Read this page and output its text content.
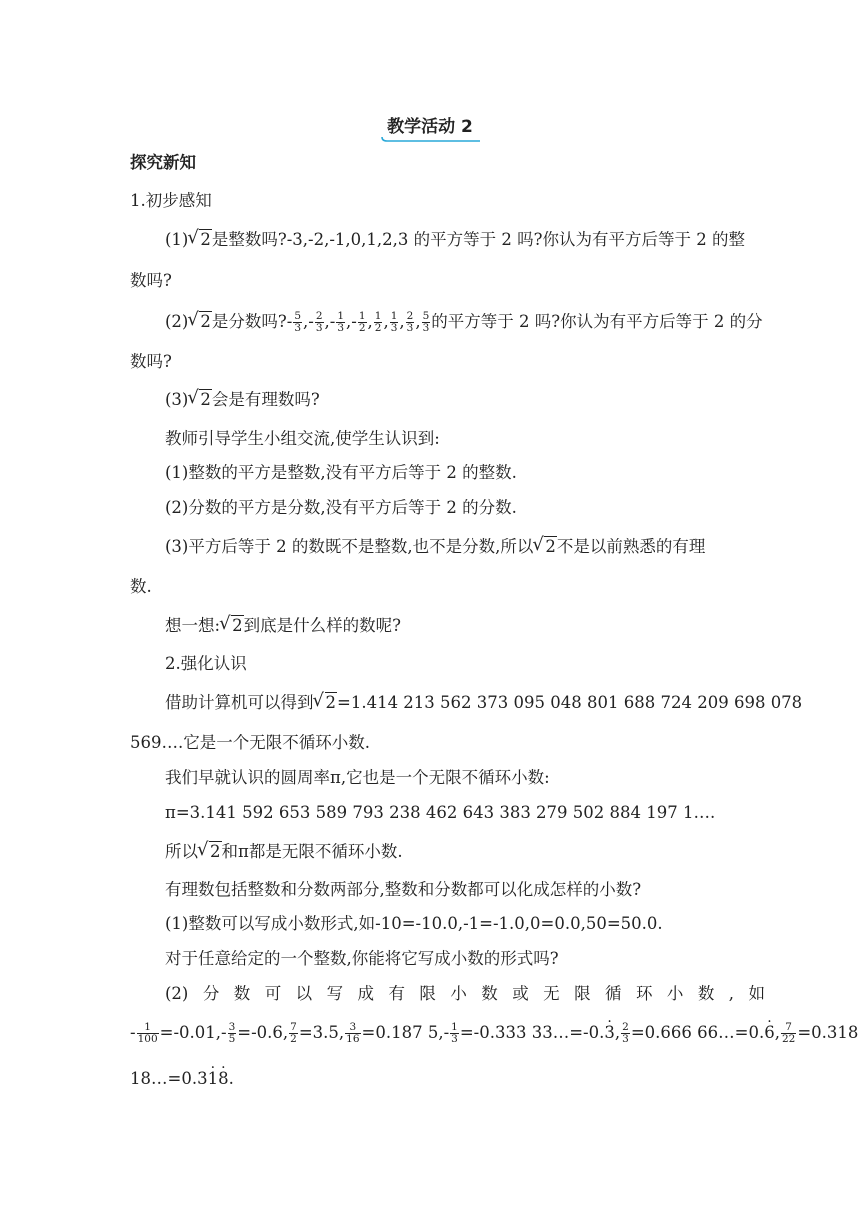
教学活动 2
探究新知
1.初步感知
(1) √ 2是整数吗?-3,-2,-1,0,1,2,3 的平方等于 2 吗?你认为有平方后等于 2 的整
数吗?
(2) √ 2是分数吗?- $\frac{5}{3}$ ,- $\frac{2}{3}$ ,- $\frac{1}{3}$ ,- $\frac{1}{2}$ , $\frac{1}{2}$ , $\frac{1}{3}$ , $\frac{2}{3}$ , $\frac{5}{3}$ 的平方等于 2 吗?你认为有平方后等于 2 的分
数吗?
(3) √ 2会是有理数吗?
教师引导学生小组交流,使学生认识到:
(1)整数的平方是整数,没有平方后等于 2 的整数.
(2)分数的平方是分数,没有平方后等于 2 的分数.
(3)平方后等于 2 的数既不是整数,也不是分数,所以 √ 2不是以前熟悉的有理
数.
想一想: √ 2到底是什么样的数呢?
2.强化认识
借助计算机可以得到 √ 2=1.414 213 562 373 095 048 801 688 724 209 698 078
569….它是一个无限不循环小数.
我们早就认识的圆周率π,它也是一个无限不循环小数:
π=3.141 592 653 589 793 238 462 643 383 279 502 884 197 1….
所以 √ 2和π都是无限不循环小数.
有理数包括整数和分数两部分,整数和分数都可以化成怎样的小数?
(1)整数可以写成小数形式,如-10=-10.0,-1=-1.0,0=0.0,50=50.0.
对于任意给定的一个整数,你能将它写成小数的形式吗?
(2) 分 数 可 以 写 成 有 限 小 数 或 无 限 循 环 小 数 , 如
- $\frac{1}{100} =-0.01,- \frac{3}{5} =-0.6$, $\frac{7}{2} =3.5$, $\frac{3}{16} =0.187$ $5,- \frac{1}{3} =-0.333$ 33…=-0.· 3, $\frac{2}{3} =0.666$ 66…=0.· 6, $\frac{7}{22} =0.318$
18…=0.3· 1· 8.
